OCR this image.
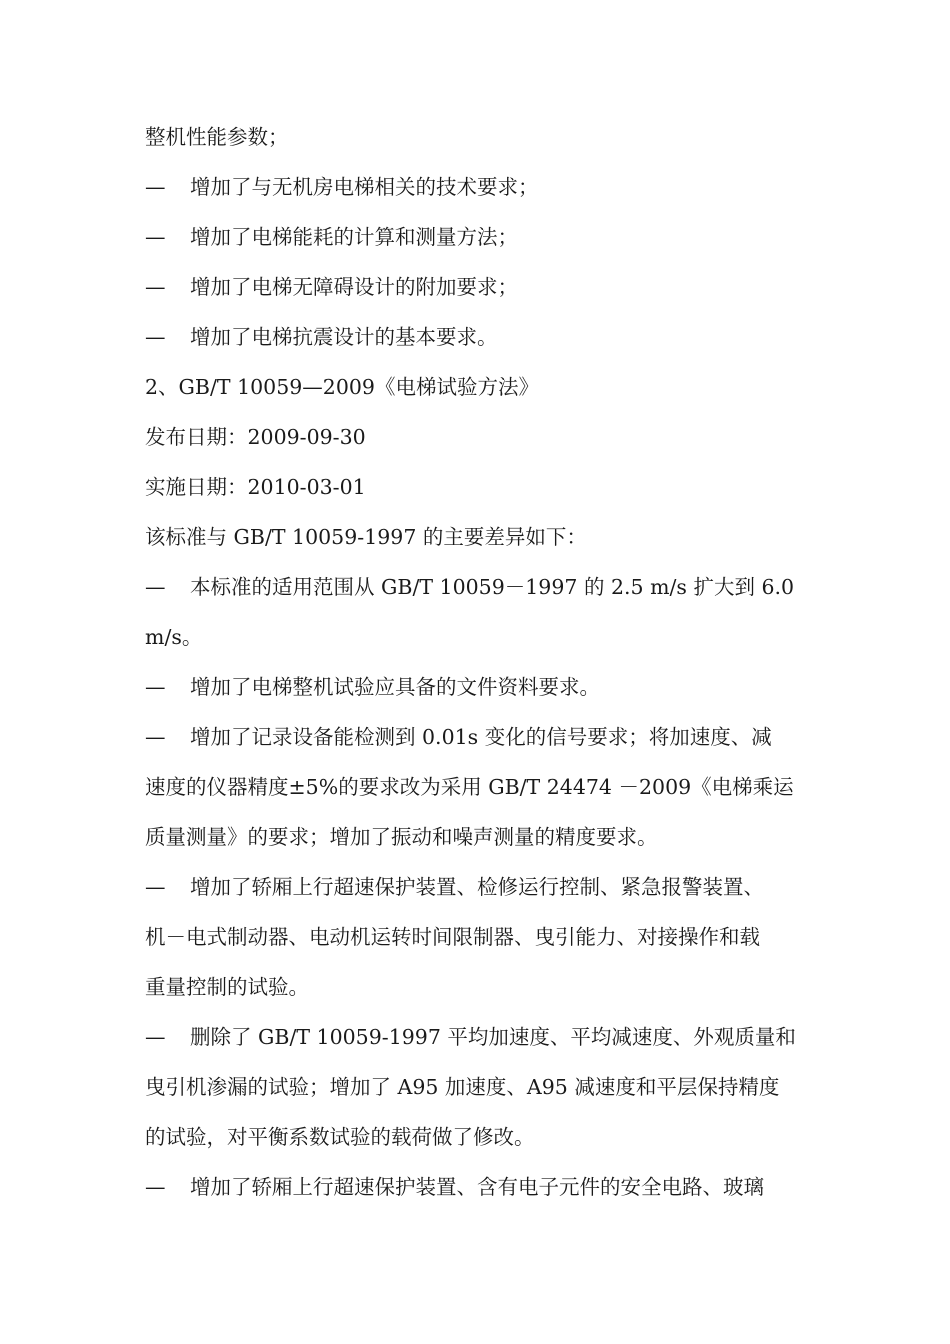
整机性能参数；
— 增加了与无机房电梯相关的技术要求；
— 增加了电梯能耗的计算和测量方法；
— 增加了电梯无障碍设计的附加要求；
— 增加了电梯抗震设计的基本要求。
2、GB/T 10059—2009《电梯试验方法》
发布日期：2009-09-30
实施日期：2010-03-01
该标准与 GB/T 10059-1997 的主要差异如下：
— 本标准的适用范围从 GB/T 10059－1997 的 2.5 m/s 扩大到 6.0
m/s。
— 增加了电梯整机试验应具备的文件资料要求。
— 增加了记录设备能检测到 0.01s 变化的信号要求；将加速度、减
速度的仪器精度±5%的要求改为采用 GB/T 24474 －2009《电梯乘运
质量测量》的要求；增加了振动和噪声测量的精度要求。
— 增加了轿厢上行超速保护装置、检修运行控制、紧急报警装置、
机－电式制动器、电动机运转时间限制器、曳引能力、对接操作和载
重量控制的试验。
— 删除了 GB/T 10059-1997 平均加速度、平均减速度、外观质量和
曳引机渗漏的试验；增加了 A95 加速度、A95 减速度和平层保持精度
的试验，对平衡系数试验的载荷做了修改。
— 增加了轿厢上行超速保护装置、含有电子元件的安全电路、玻璃
